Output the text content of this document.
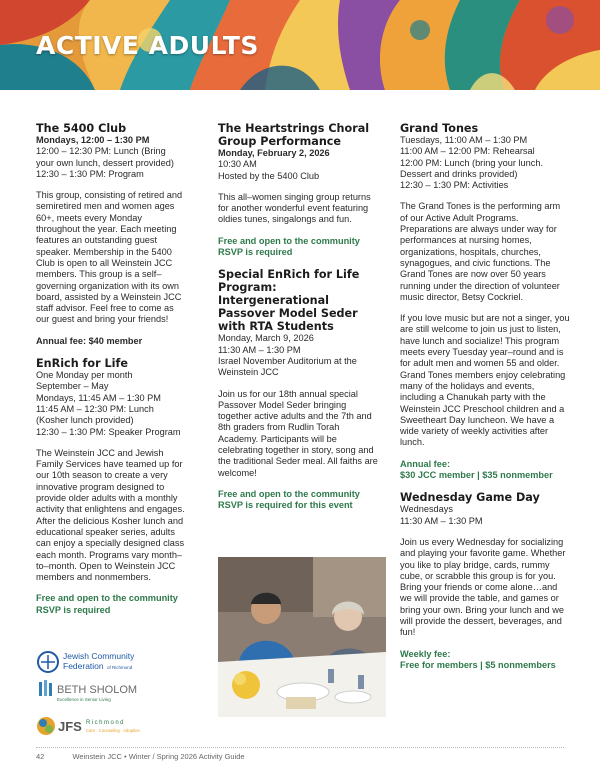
ACTIVE ADULTS
The 5400 Club
Mondays, 12:00 – 1:30 PM
12:00 – 12:30 PM: Lunch (Bring your own lunch, dessert provided)
12:30 – 1:30 PM: Program
This group, consisting of retired and semiretired men and women ages 60+, meets every Monday throughout the year. Each meeting features an outstanding guest speaker. Membership in the 5400 Club is open to all Weinstein JCC members. This group is a self–governing organization with its own board, assisted by a Weinstein JCC staff advisor. Feel free to come as our guest and bring your friends!
Annual fee: $40 member
EnRich for Life
One Monday per month
September – May
Mondays, 11:45 AM – 1:30 PM
11:45 AM – 12:30 PM: Lunch (Kosher lunch provided)
12:30 – 1:30 PM: Speaker Program
The Weinstein JCC and Jewish Family Services have teamed up for our 10th season to create a very innovative program designed to provide older adults with a monthly activity that enlightens and engages. After the delicious Kosher lunch and educational speaker series, adults can enjoy a specially designed class each month. Programs vary month–to–month. Open to Weinstein JCC members and nonmembers.
Free and open to the community
RSVP is required
Jewish Community
Federation of Richmond
BETH SHOLOM
Excellence in Senior Living
JFS Richmond
Care · Counseling · Adoption
The Heartstrings Choral Group Performance
Monday, February 2, 2026
10:30 AM
Hosted by the 5400 Club
This all–women singing group returns for another wonderful event featuring oldies tunes, singalongs and fun.
Free and open to the community
RSVP is required
Special EnRich for Life Program: Intergenerational Passover Model Seder with RTA Students
Monday, March 9, 2026
11:30 AM – 1:30 PM
Israel November Auditorium at the Weinstein JCC
Join us for our 18th annual special Passover Model Seder bringing together active adults and the 7th and 8th graders from Rudlin Torah Academy. Participants will be celebrating together in story, song and the traditional Seder meal. All faiths are welcome!
Free and open to the community
RSVP is required for this event
Grand Tones
Tuesdays, 11:00 AM – 1:30 PM
11:00 AM – 12:00 PM: Rehearsal
12:00 PM: Lunch (bring your lunch. Dessert and drinks provided)
12:30 – 1:30 PM: Activities
The Grand Tones is the performing arm of our Active Adult Programs. Preparations are always under way for performances at nursing homes, organizations, hospitals, churches, synagogues, and civic functions. The Grand Tones are now over 50 years running under the direction of volunteer music director, Betsy Cockriel.
If you love music but are not a singer, you are still welcome to join us just to listen, have lunch and socialize! This program meets every Tuesday year–round and is for adult men and women 55 and older. Grand Tones members enjoy celebrating many of the holidays and events, including a Chanukah party with the Weinstein JCC Preschool children and a Sweetheart Day luncheon. We have a wide variety of weekly activities after lunch.
Annual fee:
$30 JCC member | $35 nonmember
Wednesday Game Day
Wednesdays
11:30 AM – 1:30 PM
Join us every Wednesday for socializing and playing your favorite game. Whether you like to play bridge, cards, rummy cube, or scrabble this group is for you. Bring your friends or come alone…and we will provide the table, and games or bring your own. Bring your lunch and we will provide the dessert, beverages, and fun!
Weekly fee:
Free for members | $5 nonmembers
42	Weinstein JCC • Winter / Spring 2026 Activity Guide
